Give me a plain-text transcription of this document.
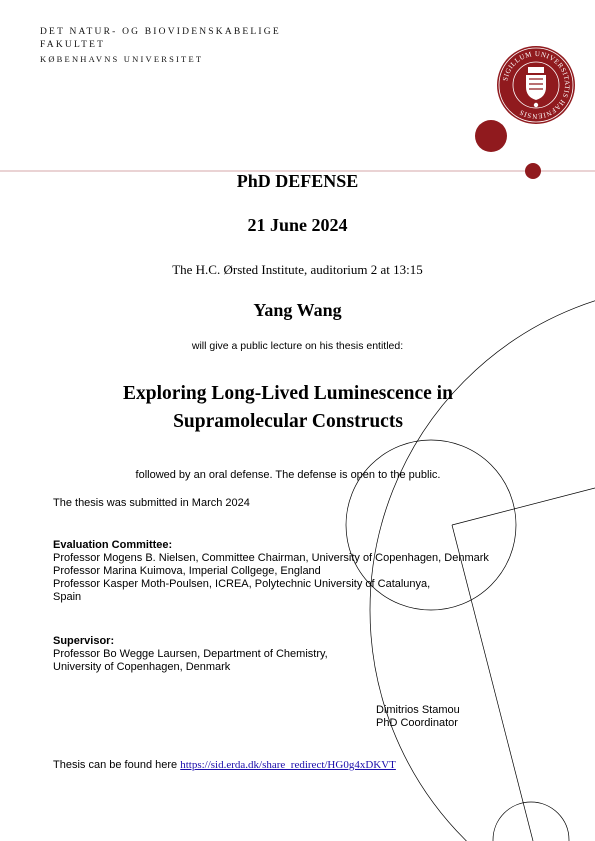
SIGILLUM UNIVERSITATIS HAFNIENSIS
DET NATUR- OG BIOVIDENSKABELIGE
FAKULTET
KØBENHAVNS UNIVERSITET
PhD DEFENSE
21 June 2024
The H.C. Ørsted Institute, auditorium 2 at 13:15
Yang Wang
will give a public lecture on his thesis entitled:
Exploring Long-Lived Luminescence in
Supramolecular Constructs
followed by an oral defense. The defense is open to the public.
The thesis was submitted in March 2024
Evaluation Committee:
Professor Mogens B. Nielsen, Committee Chairman, University of Copenhagen, Denmark
Professor Marina Kuimova, Imperial Collgege, England
Professor Kasper Moth-Poulsen, ICREA, Polytechnic University of Catalunya,
Spain
Supervisor:
Professor Bo Wegge Laursen, Department of Chemistry,
University of Copenhagen, Denmark
Dimitrios Stamou
PhD Coordinator
Thesis can be found here https://sid.erda.dk/share_redirect/HG0g4xDKVT
